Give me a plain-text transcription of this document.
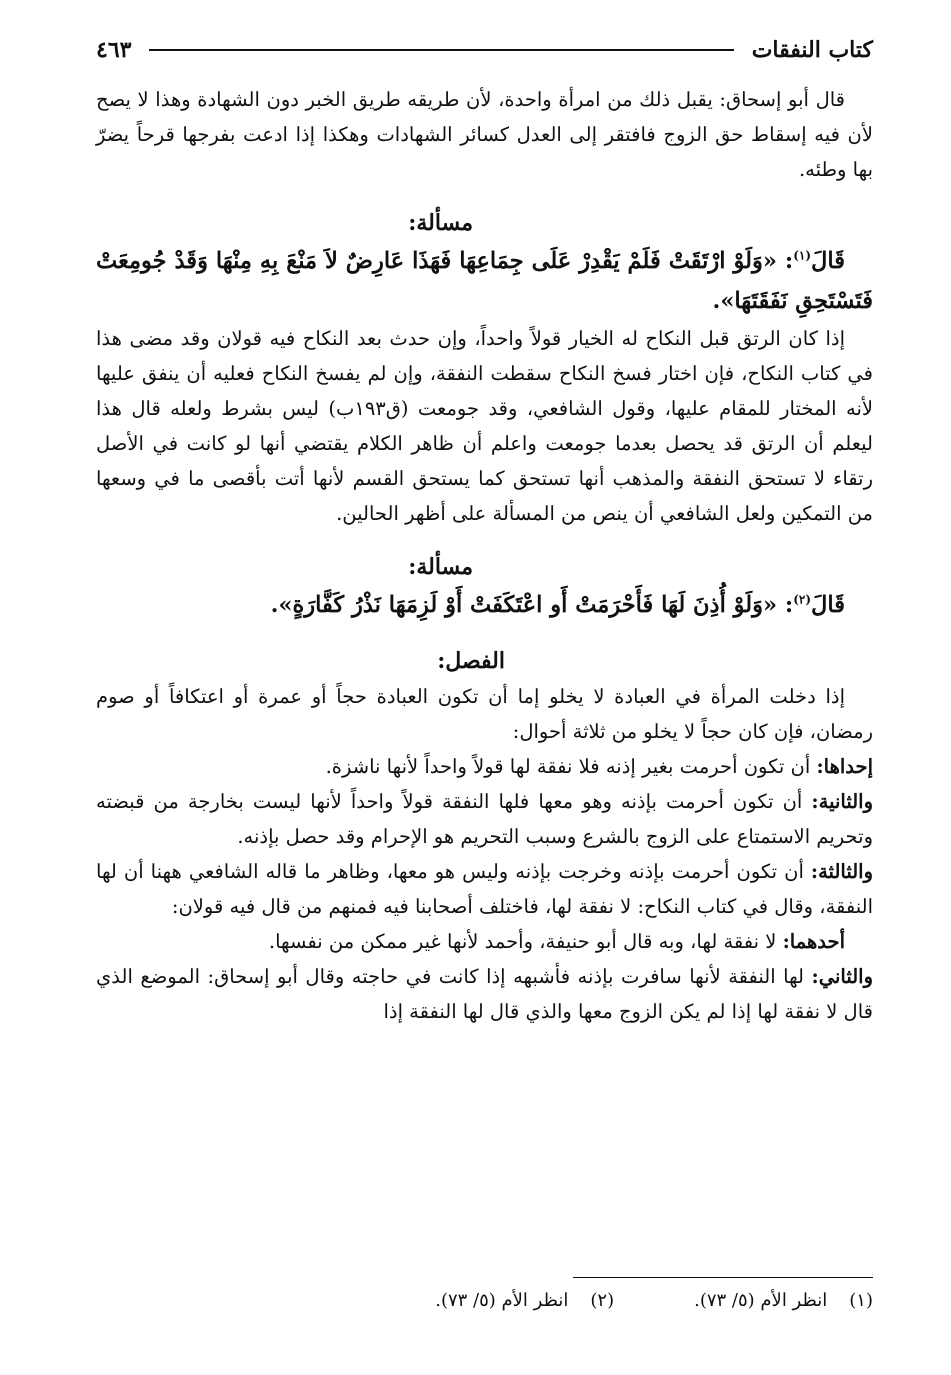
كتاب النفقات
٤٦٣

قال أبو إسحاق: يقبل ذلك من امرأة واحدة، لأن طريقه طريق الخبر دون الشهادة وهذا لا يصح لأن فيه إسقاط حق الزوج فافتقر إلى العدل كسائر الشهادات وهكذا إذا ادعت بفرجها قرحاً يضرّ بها وطئه.

مسألة:

قَالَ$^{(١)}$: «وَلَوْ ارْتَقَتْ فَلَمْ يَقْدِرْ عَلَى جِمَاعِهَا فَهَذَا عَارِضٌ لاَ مَنْعَ بِهِ مِنْهَا وَقَدْ جُومِعَتْ فَتَسْتَحِقِ نَفَقَتَهَا».

إذا كان الرتق قبل النكاح له الخيار قولاً واحداً، وإن حدث بعد النكاح فيه قولان وقد مضى هذا في كتاب النكاح، فإن اختار فسخ النكاح سقطت النفقة، وإن لم يفسخ النكاح فعليه أن ينفق عليها لأنه المختار للمقام عليها، وقول الشافعي، وقد جومعت (ق١٩٣ب) ليس بشرط ولعله قال هذا ليعلم أن الرتق قد يحصل بعدما جومعت واعلم أن ظاهر الكلام يقتضي أنها لو كانت في الأصل رتقاء لا تستحق النفقة والمذهب أنها تستحق كما يستحق القسم لأنها أتت بأقصى ما في وسعها من التمكين ولعل الشافعي أن ينص من المسألة على أظهر الحالين.

مسألة:

قَالَ$^{(٢)}$: «وَلَوْ أُذِنَ لَهَا فَأَحْرَمَتْ أَو اعْتَكَفَتْ أَوْ لَزِمَهَا نَذْرُ كَفَّارَةٍ».

الفصل:

إذا دخلت المرأة في العبادة لا يخلو إما أن تكون العبادة حجاً أو عمرة أو اعتكافاً أو صوم رمضان، فإن كان حجاً لا يخلو من ثلاثة أحوال:

إحداها: أن تكون أحرمت بغير إذنه فلا نفقة لها قولاً واحداً لأنها ناشزة.

والثانية: أن تكون أحرمت بإذنه وهو معها فلها النفقة قولاً واحداً لأنها ليست بخارجة من قبضته وتحريم الاستمتاع على الزوج بالشرع وسبب التحريم هو الإحرام وقد حصل بإذنه.

والثالثة: أن تكون أحرمت بإذنه وخرجت بإذنه وليس هو معها، وظاهر ما قاله الشافعي ههنا أن لها النفقة، وقال في كتاب النكاح: لا نفقة لها، فاختلف أصحابنا فيه فمنهم من قال فيه قولان:

أحدهما: لا نفقة لها، وبه قال أبو حنيفة، وأحمد لأنها غير ممكن من نفسها.

والثاني: لها النفقة لأنها سافرت بإذنه فأشبهه إذا كانت في حاجته وقال أبو إسحاق: الموضع الذي قال لا نفقة لها إذا لم يكن الزوج معها والذي قال لها النفقة إذا

(١)انظر الأم (٥/ ٧٣).
(٢)انظر الأم (٥/ ٧٣).
